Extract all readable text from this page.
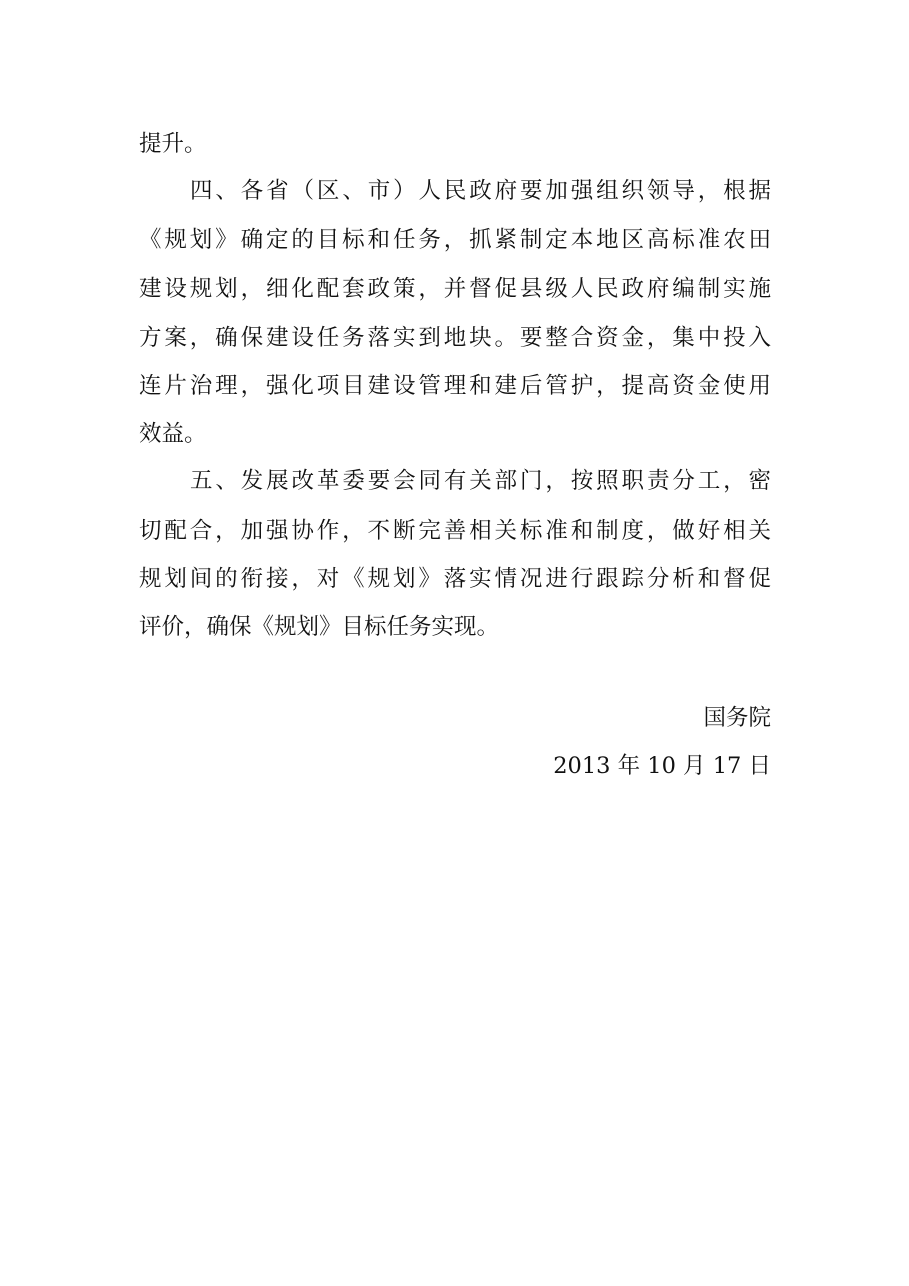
提升。
四、各省（区、市）人民政府要加强组织领导，根据
《规划》确定的目标和任务，抓紧制定本地区高标准农田
建设规划，细化配套政策，并督促县级人民政府编制实施
方案，确保建设任务落实到地块。要整合资金，集中投入
连片治理，强化项目建设管理和建后管护，提高资金使用
效益。
五、发展改革委要会同有关部门，按照职责分工，密
切配合，加强协作，不断完善相关标准和制度，做好相关
规划间的衔接，对《规划》落实情况进行跟踪分析和督促
评价，确保《规划》目标任务实现。
国务院
2013 年 10 月 17 日
